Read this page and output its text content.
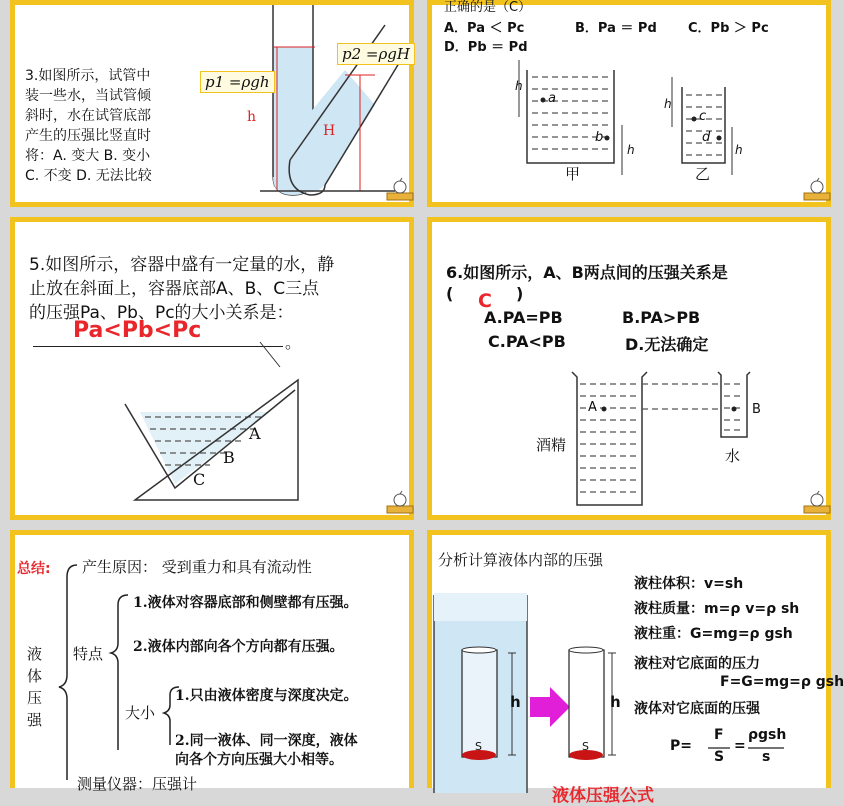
3.如图所示，试管中
装一些水，当试管倾
斜时，水在试管底部
产生的压强比竖直时
将：A. 变大 B. 变小
C. 不变 D. 无法比较
p1 =ρgh
p2 =ρgH
h
H
正确的是（C）
A．Pa ＜ Pc	B．Pa ＝ Pd C．Pb ＞ Pc
D．Pb ＝ Pd
h
a
b
h
h
c
d
h
甲	乙
5.如图所示，容器中盛有一定量的水，静
止放在斜面上，容器底部A、B、C三点
的压强Pa、Pb、Pc的大小关系是：
Pa<Pb<Pc	。
A
B
C
6.如图所示，A、B两点间的压强关系是
( C )
A.PA=PB	B.PA>PB
C.PA<PB	D.无法确定
A	B
酒精
水
总结: 产生原因： 受到重力和具有流动性
液
体
压
强
特点
1.液体对容器底部和侧壁都有压强。
2.液体内部向各个方向都有压强。
大小
1.只由液体密度与深度决定。
2.同一液体、同一深度，液体
向各个方向压强大小相等。
测量仪器：压强计
分析计算液体内部的压强
h	h
S	S
液柱体积：v=sh
液柱质量：m=ρ v=ρ sh
液柱重：G=mg=ρ gsh
液柱对它底面的压力
F=G=mg=ρ gsh
液体对它底面的压强
P=
F
S
=
ρgsh
s
液体压强公式
